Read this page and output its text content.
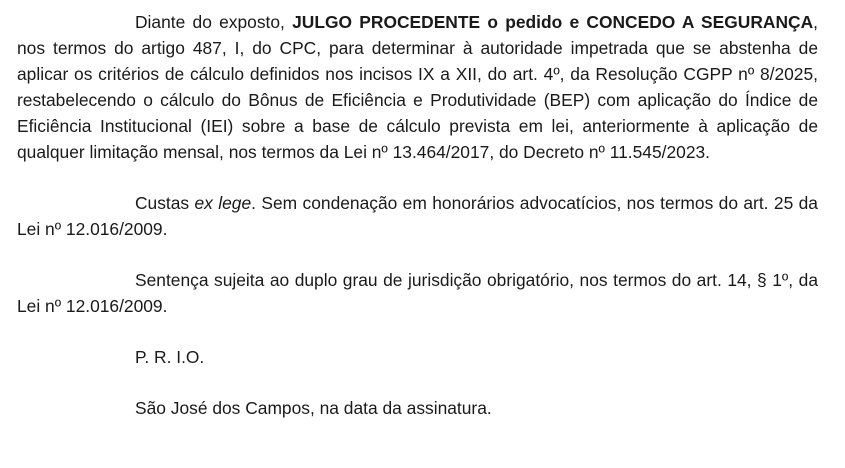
Diante do exposto, JULGO PROCEDENTE o pedido e CONCEDO A SEGURANÇA, nos termos do artigo 487, I, do CPC, para determinar à autoridade impetrada que se abstenha de aplicar os critérios de cálculo definidos nos incisos IX a XII, do art. 4º, da Resolução CGPP nº 8/2025, restabelecendo o cálculo do Bônus de Eficiência e Produtividade (BEP) com aplicação do Índice de Eficiência Institucional (IEI) sobre a base de cálculo prevista em lei, anteriormente à aplicação de qualquer limitação mensal, nos termos da Lei nº 13.464/2017, do Decreto nº 11.545/2023.

Custas ex lege. Sem condenação em honorários advocatícios, nos termos do art. 25 da Lei nº 12.016/2009.

Sentença sujeita ao duplo grau de jurisdição obrigatório, nos termos do art. 14, § 1º, da Lei nº 12.016/2009.

P. R. I.O.

São José dos Campos, na data da assinatura.
